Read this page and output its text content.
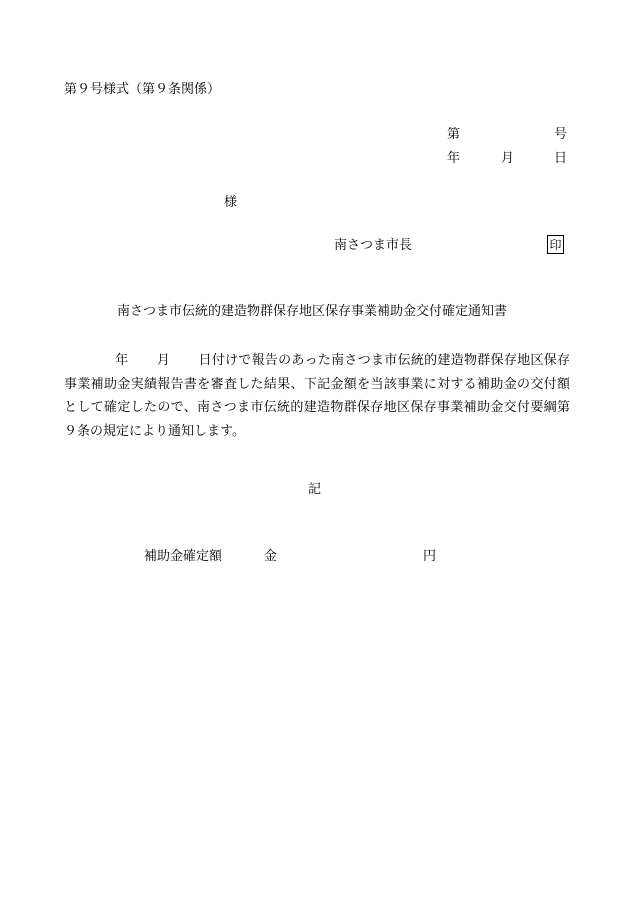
第９号様式（第９条関係）
第	号
年	月	日
様
南さつま市長	印
南さつま市伝統的建造物群保存地区保存事業補助金交付確定通知書

年 月 日付けで報告のあった南さつま市伝統的建造物群保存地区保存事業補助金実績報告書を審査した結果、下記金額を当該事業に対する補助金の交付額として確定したので、南さつま市伝統的建造物群保存地区保存事業補助金交付要綱第９条の規定により通知します。

記
補助金確定額	金	円
